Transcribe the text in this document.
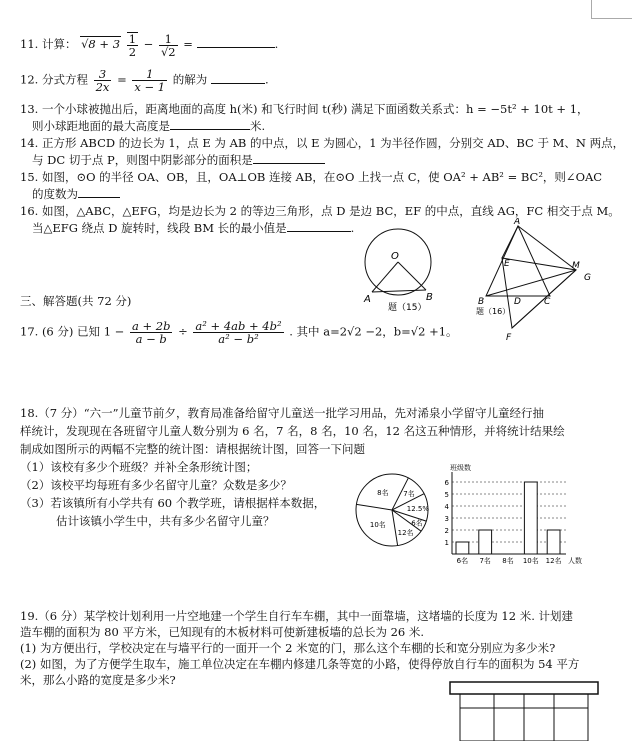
11. 计算： $√8 + 3 \frac{1}{2} - \frac{1}{√2}$ =	.
12. 分式方程 $\frac{3}{2x} = \frac{1}{x - 1}$ 的解为	.
13. 一个小球被抛出后，距离地面的高度 h(米) 和飞行时间 t(秒) 满足下面函数关系式：h = −5t² + 10t + 1，
则小球距地面的最大高度是	米.
14. 正方形 ABCD 的边长为 1，点 E 为 AB 的中点，以 E 为圆心，1 为半径作圆，分别交 AD、BC 于 M、N 两点，
与 DC 切于点 P，则图中阴影部分的面积是
15. 如图，⊙O 的半径 OA、OB，且，OA⊥OB 连接 AB，在⊙O 上找一点 C，使 OA² + AB² = BC²，则∠OAC
的度数为
16. 如图，△ABC，△EFG，均是边长为 2 的等边三角形，点 D 是边 BC，EF 的中点，直线 AG，FC 相交于点 M。
当△EFG 绕点 D 旋转时，线段 BM 长的最小值是	.
O
A	B
题（15）
A
B	C
D
E
F
G
M
题（16）
三、解答题(共 72 分)
17. (6 分) 已知 $1 - \frac{a + 2b}{a - b} \div \frac{\text{a² + 4ab + 4b²}}{\text{a² − b²}}$ . 其中 a=2√2 −2，b=√2 +1。
18.（7 分）“六一”儿童节前夕，教育局准备给留守儿童送一批学习用品，先对浠泉小学留守儿童经行抽
样统计，发现现在各班留守儿童人数分别为 6 名，7 名，8 名，10 名，12 名这五种情形，并将统计结果绘
制成如图所示的两幅不完整的统计图：请根据统计图，回答一下问题
（1）该校有多少个班级？并补全条形统计图；
（2）该校平均每班有多少名留守儿童？众数是多少？
（3）若该镇所有小学共有 60 个教学班，请根据样本数据，
估计该镇小学生中，共有多少名留守儿童？
8名 7名
12.5%
6名
12名
10名
班级数
人数
1
2
3
4
5
6
6名 7名 8名 10名 12名
19.（6 分）某学校计划利用一片空地建一个学生自行车车棚，其中一面靠墙，这堵墙的长度为 12 米. 计划建
造车棚的面积为 80 平方米，已知现有的木板材料可使新建板墙的总长为 26 米.
(1) 为方便出行，学校决定在与墙平行的一面开一个 2 米宽的门，那么这个车棚的长和宽分别应为多少米?
(2) 如图，为了方便学生取车，施工单位决定在车棚内修建几条等宽的小路，使得停放自行车的面积为 54 平方
米，那么小路的宽度是多少米?
